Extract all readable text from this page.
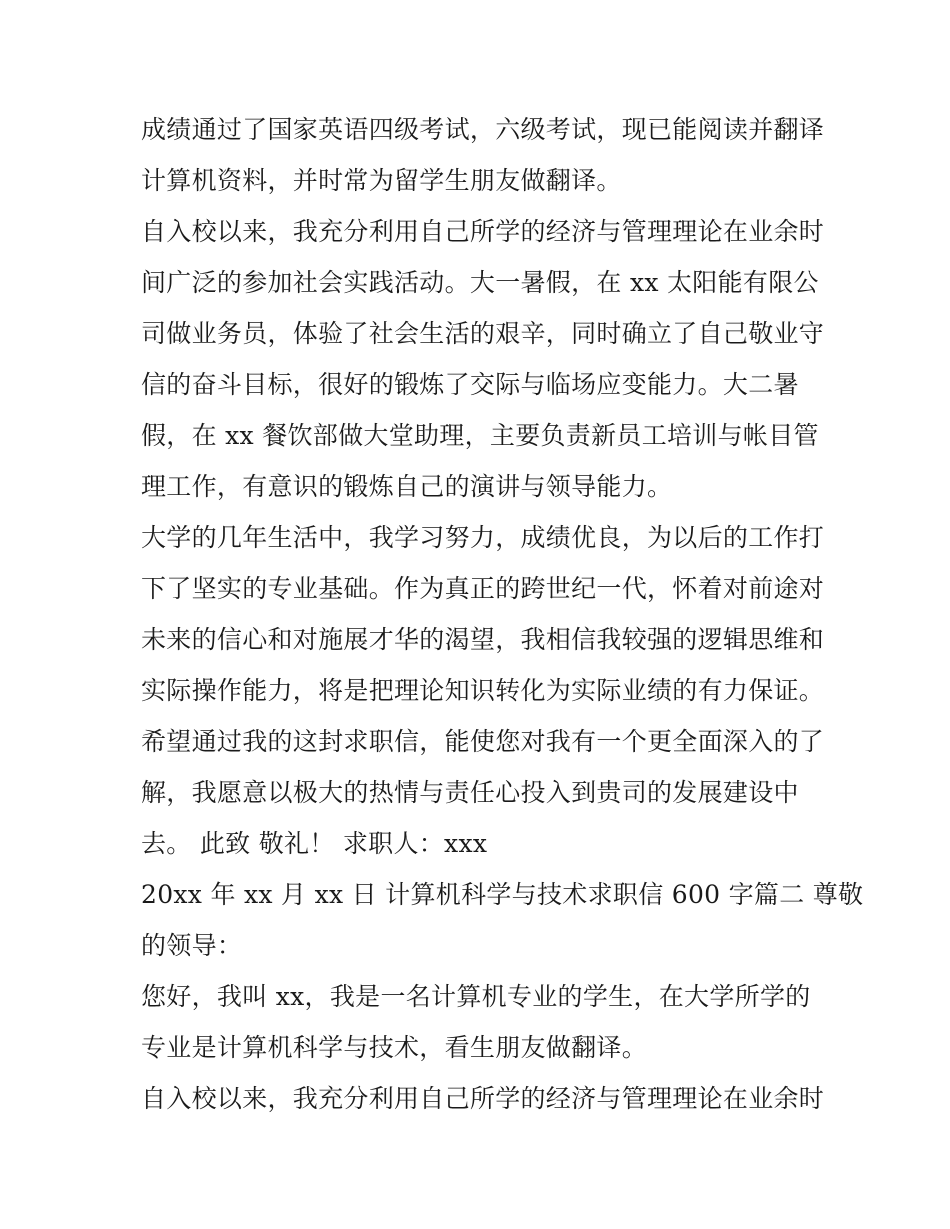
成绩通过了国家英语四级考试，六级考试，现已能阅读并翻译
计算机资料，并时常为留学生朋友做翻译。
自入校以来，我充分利用自己所学的经济与管理理论在业余时
间广泛的参加社会实践活动。大一暑假，在 xx 太阳能有限公
司做业务员，体验了社会生活的艰辛，同时确立了自己敬业守
信的奋斗目标，很好的锻炼了交际与临场应变能力。大二暑
假，在 xx 餐饮部做大堂助理，主要负责新员工培训与帐目管
理工作，有意识的锻炼自己的演讲与领导能力。
大学的几年生活中，我学习努力，成绩优良，为以后的工作打
下了坚实的专业基础。作为真正的跨世纪一代，怀着对前途对
未来的信心和对施展才华的渴望，我相信我较强的逻辑思维和
实际操作能力，将是把理论知识转化为实际业绩的有力保证。
希望通过我的这封求职信，能使您对我有一个更全面深入的了
解，我愿意以极大的热情与责任心投入到贵司的发展建设中
去。 此致 敬礼！ 求职人：xxx
20xx 年 xx 月 xx 日 计算机科学与技术求职信 600 字篇二 尊敬
的领导：
您好，我叫 xx，我是一名计算机专业的学生，在大学所学的
专业是计算机科学与技术，看生朋友做翻译。
自入校以来，我充分利用自己所学的经济与管理理论在业余时
